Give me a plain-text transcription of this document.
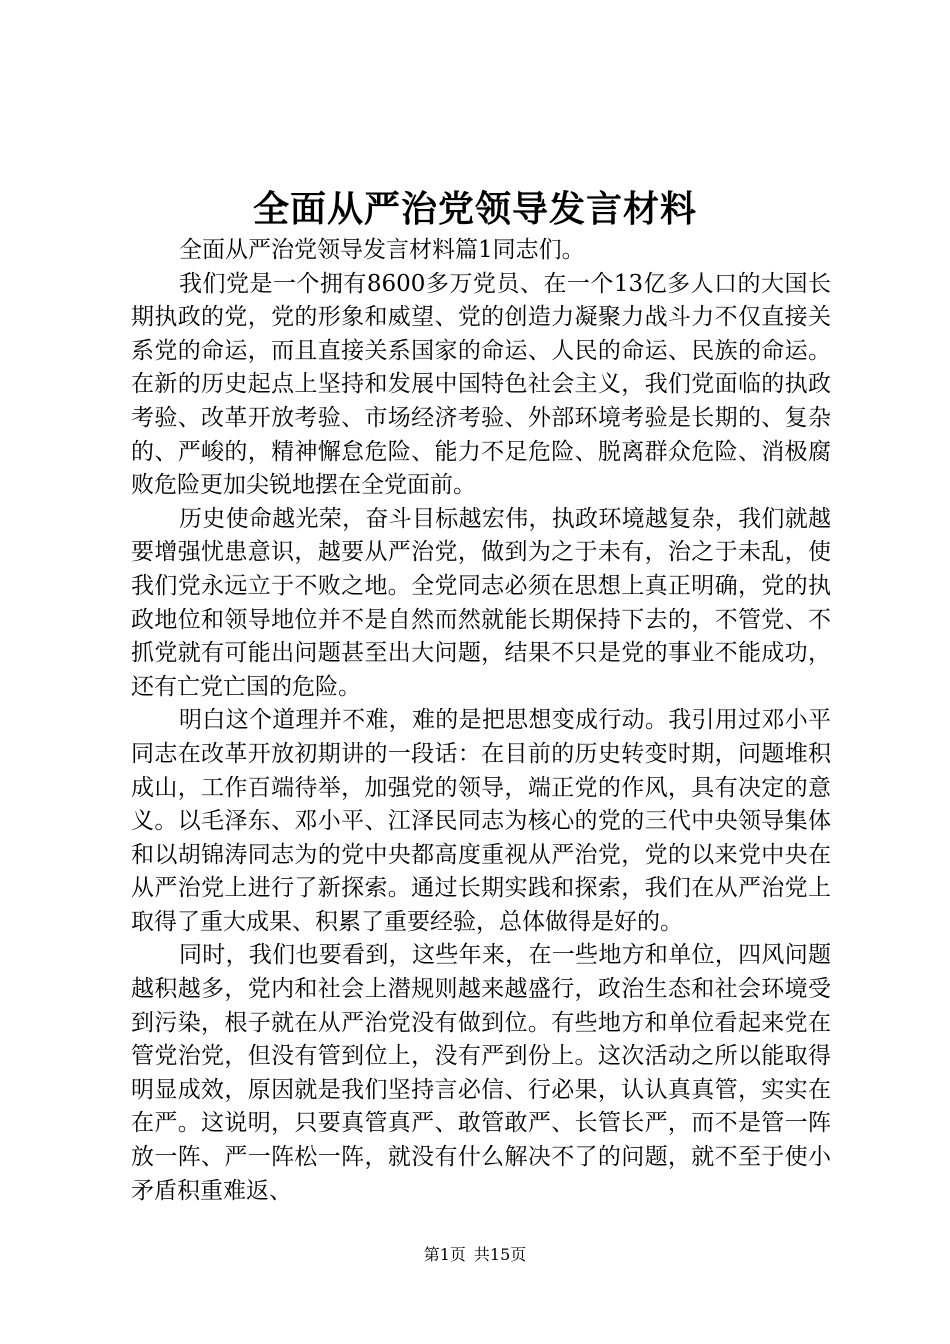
全面从严治党领导发言材料

全面从严治党领导发言材料篇1同志们。

我们党是一个拥有8600多万党员、在一个13亿多人口的大国长期执政的党，党的形象和威望、党的创造力凝聚力战斗力不仅直接关系党的命运，而且直接关系国家的命运、人民的命运、民族的命运。在新的历史起点上坚持和发展中国特色社会主义，我们党面临的执政考验、改革开放考验、市场经济考验、外部环境考验是长期的、复杂的、严峻的，精神懈怠危险、能力不足危险、脱离群众危险、消极腐败危险更加尖锐地摆在全党面前。

历史使命越光荣，奋斗目标越宏伟，执政环境越复杂，我们就越要增强忧患意识，越要从严治党，做到为之于未有，治之于未乱，使我们党永远立于不败之地。全党同志必须在思想上真正明确，党的执政地位和领导地位并不是自然而然就能长期保持下去的，不管党、不抓党就有可能出问题甚至出大问题，结果不只是党的事业不能成功，还有亡党亡国的危险。

明白这个道理并不难，难的是把思想变成行动。我引用过邓小平同志在改革开放初期讲的一段话：在目前的历史转变时期，问题堆积成山，工作百端待举，加强党的领导，端正党的作风，具有决定的意义。以毛泽东、邓小平、江泽民同志为核心的党的三代中央领导集体和以胡锦涛同志为的党中央都高度重视从严治党，党的以来党中央在从严治党上进行了新探索。通过长期实践和探索，我们在从严治党上取得了重大成果、积累了重要经验，总体做得是好的。

同时，我们也要看到，这些年来，在一些地方和单位，四风问题越积越多，党内和社会上潜规则越来越盛行，政治生态和社会环境受到污染，根子就在从严治党没有做到位。有些地方和单位看起来党在管党治党，但没有管到位上，没有严到份上。这次活动之所以能取得明显成效，原因就是我们坚持言必信、行必果，认认真真管，实实在在严。这说明，只要真管真严、敢管敢严、长管长严，而不是管一阵放一阵、严一阵松一阵，就没有什么解决不了的问题，就不至于使小矛盾积重难返、

第1页 共15页
